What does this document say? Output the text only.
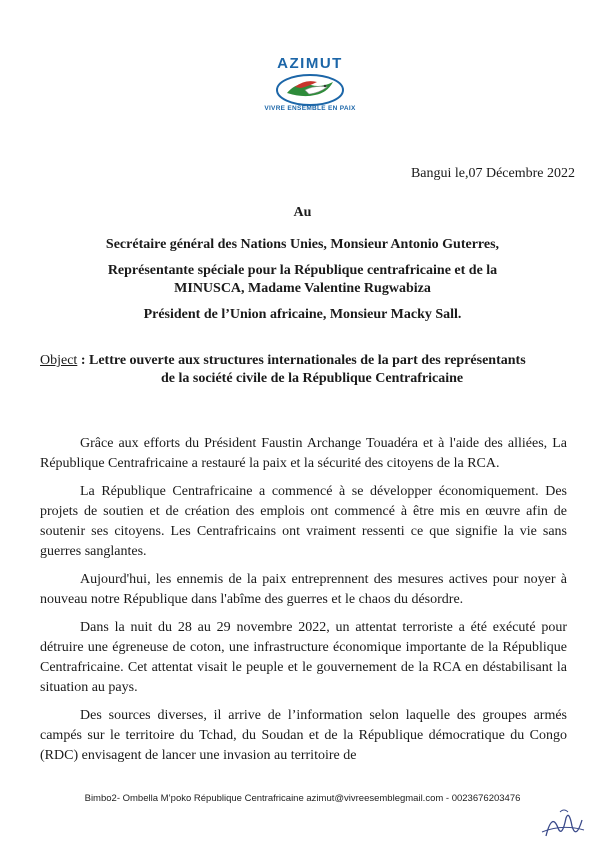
AZIMUT
VIVRE ENSEMBLE EN PAIX
Bangui le,07 Décembre 2022
Au
Secrétaire général des Nations Unies, Monsieur Antonio Guterres,
Représentante spéciale pour la République centrafricaine et de la
MINUSCA, Madame Valentine Rugwabiza
Président de l’Union africaine, Monsieur Macky Sall.
Object : Lettre ouverte aux structures internationales de la part des représentants
de la société civile de la République Centrafricaine

Grâce aux efforts du Président Faustin Archange Touadéra et à l'aide des alliées, La République Centrafricaine a restauré la paix et la sécurité des citoyens de la RCA.

La République Centrafricaine a commencé à se développer économiquement. Des projets de soutien et de création des emplois ont commencé à être mis en œuvre afin de soutenir ses citoyens. Les Centrafricains ont vraiment ressenti ce que signifie la vie sans guerres sanglantes.

Aujourd'hui, les ennemis de la paix entreprennent des mesures actives pour noyer à nouveau notre République dans l'abîme des guerres et le chaos du désordre.

Dans la nuit du 28 au 29 novembre 2022, un attentat terroriste a été exécuté pour détruire une égreneuse de coton, une infrastructure économique importante de la République Centrafricaine. Cet attentat visait le peuple et le gouvernement de la RCA en déstabilisant la situation au pays.

Des sources diverses, il arrive de l’information selon laquelle des groupes armés campés sur le territoire du Tchad, du Soudan et de la République démocratique du Congo (RDC) envisagent de lancer une invasion au territoire de

Bimbo2- Ombella M’poko République Centrafricaine azimut@vivreesemblegmail.com - 0023676203476
